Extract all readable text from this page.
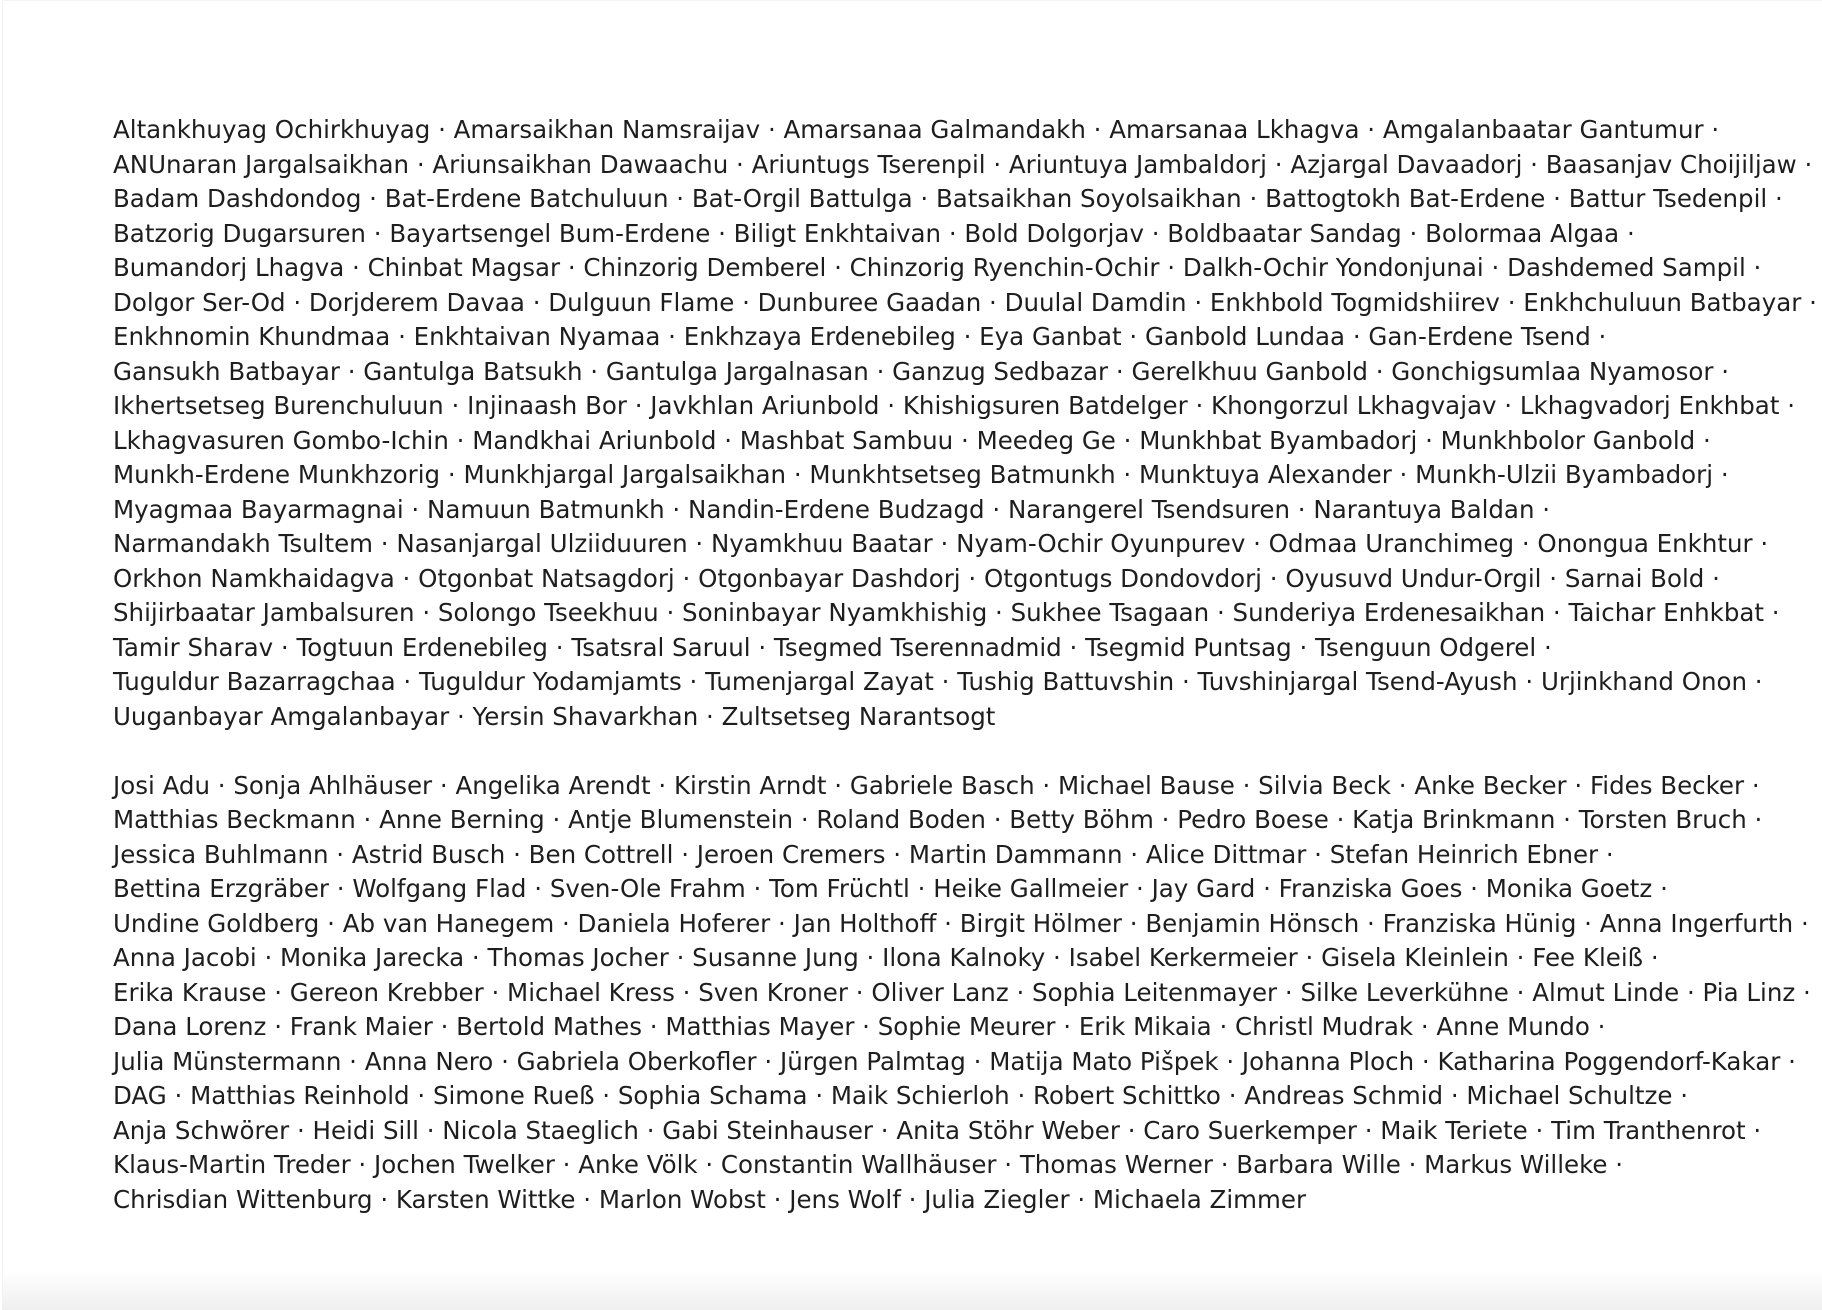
Altankhuyag Ochirkhuyag · Amarsaikhan Namsraijav · Amarsanaa Galmandakh · Amarsanaa Lkhagva · Amgalanbaatar Gantumur ·
ANUnaran Jargalsaikhan · Ariunsaikhan Dawaachu · Ariuntugs Tserenpil · Ariuntuya Jambaldorj · Azjargal Davaadorj · Baasanjav Choijiljaw ·
Badam Dashdondog · Bat-Erdene Batchuluun · Bat-Orgil Battulga · Batsaikhan Soyolsaikhan · Battogtokh Bat-Erdene · Battur Tsedenpil ·
Batzorig Dugarsuren · Bayartsengel Bum-Erdene · Biligt Enkhtaivan · Bold Dolgorjav · Boldbaatar Sandag · Bolormaa Algaa ·
Bumandorj Lhagva · Chinbat Magsar · Chinzorig Demberel · Chinzorig Ryenchin-Ochir · Dalkh-Ochir Yondonjunai · Dashdemed Sampil ·
Dolgor Ser-Od · Dorjderem Davaa · Dulguun Flame · Dunburee Gaadan · Duulal Damdin · Enkhbold Togmidshiirev · Enkhchuluun Batbayar ·
Enkhnomin Khundmaa · Enkhtaivan Nyamaa · Enkhzaya Erdenebileg · Eya Ganbat · Ganbold Lundaa · Gan-Erdene Tsend ·
Gansukh Batbayar · Gantulga Batsukh · Gantulga Jargalnasan · Ganzug Sedbazar · Gerelkhuu Ganbold · Gonchigsumlaa Nyamosor ·
Ikhertsetseg Burenchuluun · Injinaash Bor · Javkhlan Ariunbold · Khishigsuren Batdelger · Khongorzul Lkhagvajav · Lkhagvadorj Enkhbat ·
Lkhagvasuren Gombo-Ichin · Mandkhai Ariunbold · Mashbat Sambuu · Meedeg Ge · Munkhbat Byambadorj · Munkhbolor Ganbold ·
Munkh-Erdene Munkhzorig · Munkhjargal Jargalsaikhan · Munkhtsetseg Batmunkh · Munktuya Alexander · Munkh-Ulzii Byambadorj ·
Myagmaa Bayarmagnai · Namuun Batmunkh · Nandin-Erdene Budzagd · Narangerel Tsendsuren · Narantuya Baldan ·
Narmandakh Tsultem · Nasanjargal Ulziiduuren · Nyamkhuu Baatar · Nyam-Ochir Oyunpurev · Odmaa Uranchimeg · Onongua Enkhtur ·
Orkhon Namkhaidagva · Otgonbat Natsagdorj · Otgonbayar Dashdorj · Otgontugs Dondovdorj · Oyusuvd Undur-Orgil · Sarnai Bold ·
Shijirbaatar Jambalsuren · Solongo Tseekhuu · Soninbayar Nyamkhishig · Sukhee Tsagaan · Sunderiya Erdenesaikhan · Taichar Enhkbat ·
Tamir Sharav · Togtuun Erdenebileg · Tsatsral Saruul · Tsegmed Tserennadmid · Tsegmid Puntsag · Tsenguun Odgerel ·
Tuguldur Bazarragchaa · Tuguldur Yodamjamts · Tumenjargal Zayat · Tushig Battuvshin · Tuvshinjargal Tsend-Ayush · Urjinkhand Onon ·
Uuganbayar Amgalanbayar · Yersin Shavarkhan · Zultsetseg Narantsogt

Josi Adu · Sonja Ahlhäuser · Angelika Arendt · Kirstin Arndt · Gabriele Basch · Michael Bause · Silvia Beck · Anke Becker · Fides Becker ·
Matthias Beckmann · Anne Berning · Antje Blumenstein · Roland Boden · Betty Böhm · Pedro Boese · Katja Brinkmann · Torsten Bruch ·
Jessica Buhlmann · Astrid Busch · Ben Cottrell · Jeroen Cremers · Martin Dammann · Alice Dittmar · Stefan Heinrich Ebner ·
Bettina Erzgräber · Wolfgang Flad · Sven-Ole Frahm · Tom Früchtl · Heike Gallmeier · Jay Gard · Franziska Goes · Monika Goetz ·
Undine Goldberg · Ab van Hanegem · Daniela Hoferer · Jan Holthoff · Birgit Hölmer · Benjamin Hönsch · Franziska Hünig · Anna Ingerfurth ·
Anna Jacobi · Monika Jarecka · Thomas Jocher · Susanne Jung · Ilona Kalnoky · Isabel Kerkermeier · Gisela Kleinlein · Fee Kleiß ·
Erika Krause · Gereon Krebber · Michael Kress · Sven Kroner · Oliver Lanz · Sophia Leitenmayer · Silke Leverkühne · Almut Linde · Pia Linz ·
Dana Lorenz · Frank Maier · Bertold Mathes · Matthias Mayer · Sophie Meurer · Erik Mikaia · Christl Mudrak · Anne Mundo ·
Julia Münstermann · Anna Nero · Gabriela Oberkofler · Jürgen Palmtag · Matija Mato Pišpek · Johanna Ploch · Katharina Poggendorf-Kakar ·
DAG · Matthias Reinhold · Simone Rueß · Sophia Schama · Maik Schierloh · Robert Schittko · Andreas Schmid · Michael Schultze ·
Anja Schwörer · Heidi Sill · Nicola Staeglich · Gabi Steinhauser · Anita Stöhr Weber · Caro Suerkemper · Maik Teriete · Tim Tranthenrot ·
Klaus-Martin Treder · Jochen Twelker · Anke Völk · Constantin Wallhäuser · Thomas Werner · Barbara Wille · Markus Willeke ·
Chrisdian Wittenburg · Karsten Wittke · Marlon Wobst · Jens Wolf · Julia Ziegler · Michaela Zimmer
